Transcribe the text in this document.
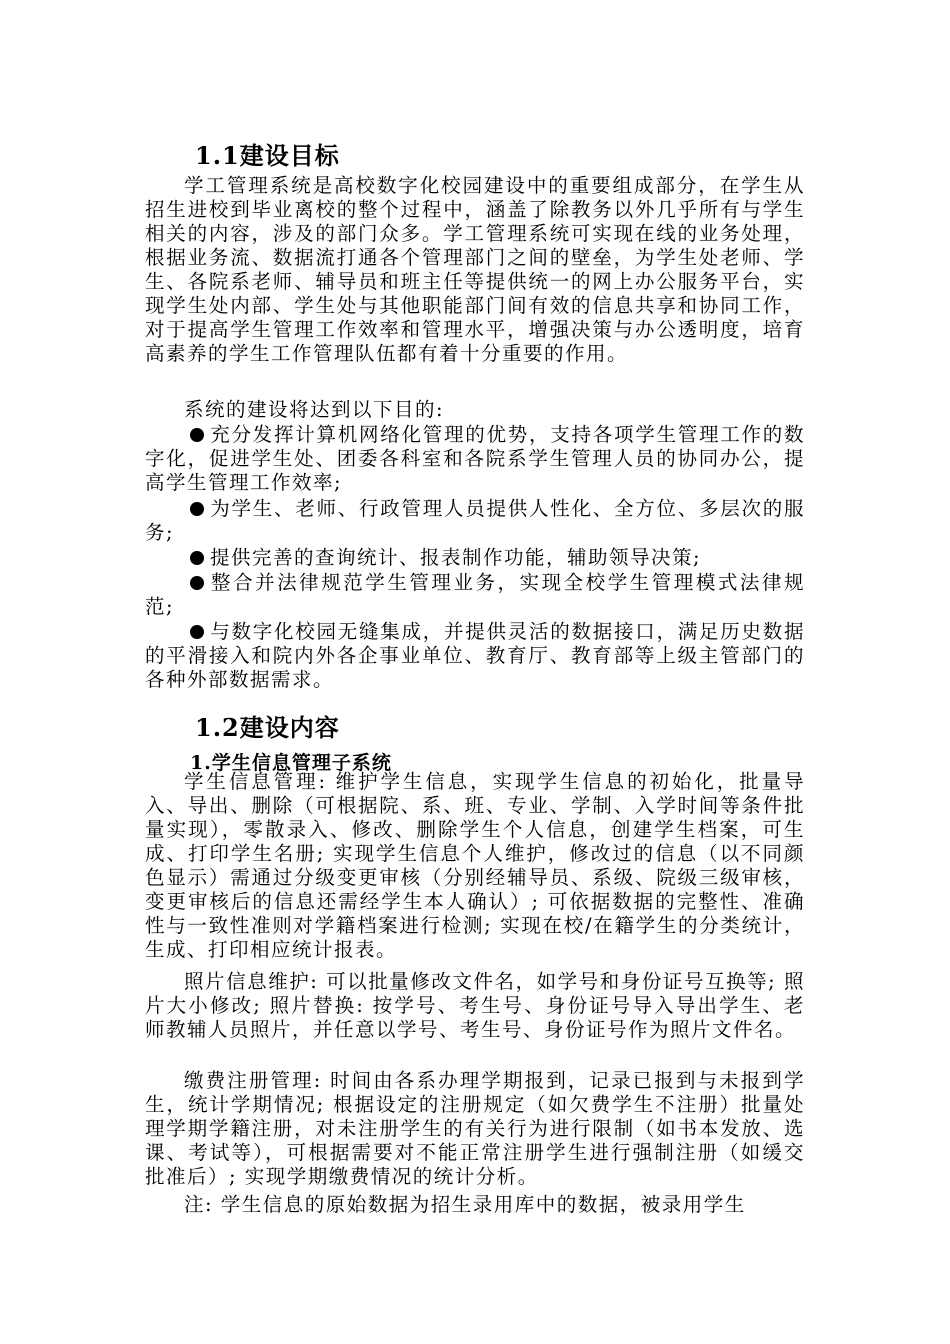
1.1建设目标
学工管理系统是高校数字化校园建设中的重要组成部分，在学生从招生进校到毕业离校的整个过程中，涵盖了除教务以外几乎所有与学生相关的内容，涉及的部门众多。学工管理系统可实现在线的业务处理，根据业务流、数据流打通各个管理部门之间的壁垒，为学生处老师、学生、各院系老师、辅导员和班主任等提供统一的网上办公服务平台，实现学生处内部、学生处与其他职能部门间有效的信息共享和协同工作，对于提高学生管理工作效率和管理水平，增强决策与办公透明度，培育高素养的学生工作管理队伍都有着十分重要的作用。
系统的建设将达到以下目的:
充分发挥计算机网络化管理的优势，支持各项学生管理工作的数字化，促进学生处、团委各科室和各院系学生管理人员的协同办公，提高学生管理工作效率;
为学生、老师、行政管理人员提供人性化、全方位、多层次的服务;
提供完善的查询统计、报表制作功能，辅助领导决策;
整合并法律规范学生管理业务，实现全校学生管理模式法律规范;
与数字化校园无缝集成，并提供灵活的数据接口，满足历史数据的平滑接入和院内外各企事业单位、教育厅、教育部等上级主管部门的各种外部数据需求。
1.2建设内容
1.学生信息管理子系统
学生信息管理: 维护学生信息，实现学生信息的初始化，批量导入、导出、删除（可根据院、系、班、专业、学制、入学时间等条件批量实现），零散录入、修改、删除学生个人信息，创建学生档案，可生成、打印学生名册; 实现学生信息个人维护，修改过的信息（以不同颜色显示）需通过分级变更审核（分别经辅导员、系级、院级三级审核，变更审核后的信息还需经学生本人确认）; 可依据数据的完整性、准确性与一致性准则对学籍档案进行检测; 实现在校/在籍学生的分类统计，生成、打印相应统计报表。
照片信息维护: 可以批量修改文件名，如学号和身份证号互换等; 照片大小修改; 照片替换: 按学号、考生号、身份证号导入导出学生、老师教辅人员照片，并任意以学号、考生号、身份证号作为照片文件名。
缴费注册管理: 时间由各系办理学期报到，记录已报到与未报到学生，统计学期情况; 根据设定的注册规定（如欠费学生不注册）批量处理学期学籍注册，对未注册学生的有关行为进行限制（如书本发放、选课、考试等），可根据需要对不能正常注册学生进行强制注册（如缓交批准后）; 实现学期缴费情况的统计分析。
注: 学生信息的原始数据为招生录用库中的数据，被录用学生
